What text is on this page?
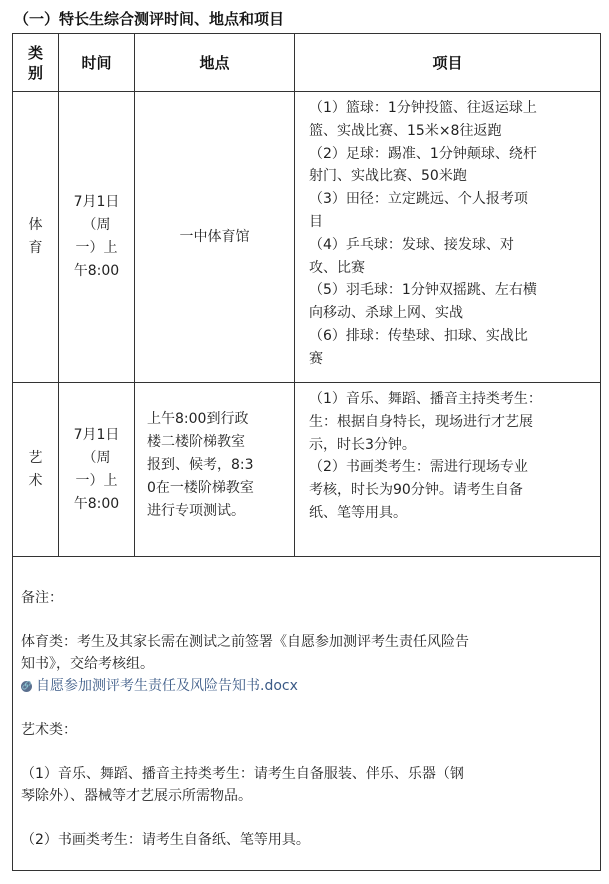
（一）特长生综合测评时间、地点和项目
类
别
时间	地点	项目
体
育
7月1日
（周
一）上
午8:00
一中体育馆
（1）篮球：1分钟投篮、往返运球上
篮、实战比赛、15米×8往返跑
（2）足球：踢准、1分钟颠球、绕杆
射门、实战比赛、50米跑
（3）田径：立定跳远、个人报考项
目
（4）乒乓球：发球、接发球、对
攻、比赛
（5）羽毛球：1分钟双摇跳、左右横
向移动、杀球上网、实战
（6）排球：传垫球、扣球、实战比
赛
艺
术
7月1日
（周
一）上
午8:00
上午8:00到行政
楼二楼阶梯教室
报到、候考，8:3
0在一楼阶梯教室
进行专项测试。
（1）音乐、舞蹈、播音主持类考生：
生：根据自身特长，现场进行才艺展
示，时长3分钟。
（2）书画类考生：需进行现场专业
考核，时长为90分钟。请考生自备
纸、笔等用具。
备注：
体育类：考生及其家长需在测试之前签署《自愿参加测评考生责任风险告
知书》，交给考核组。
🔗 自愿参加测评考生责任及风险告知书.docx
艺术类：
（1）音乐、舞蹈、播音主持类考生：请考生自备服装、伴乐、乐器（钢
琴除外）、器械等才艺展示所需物品。
（2）书画类考生：请考生自备纸、笔等用具。
